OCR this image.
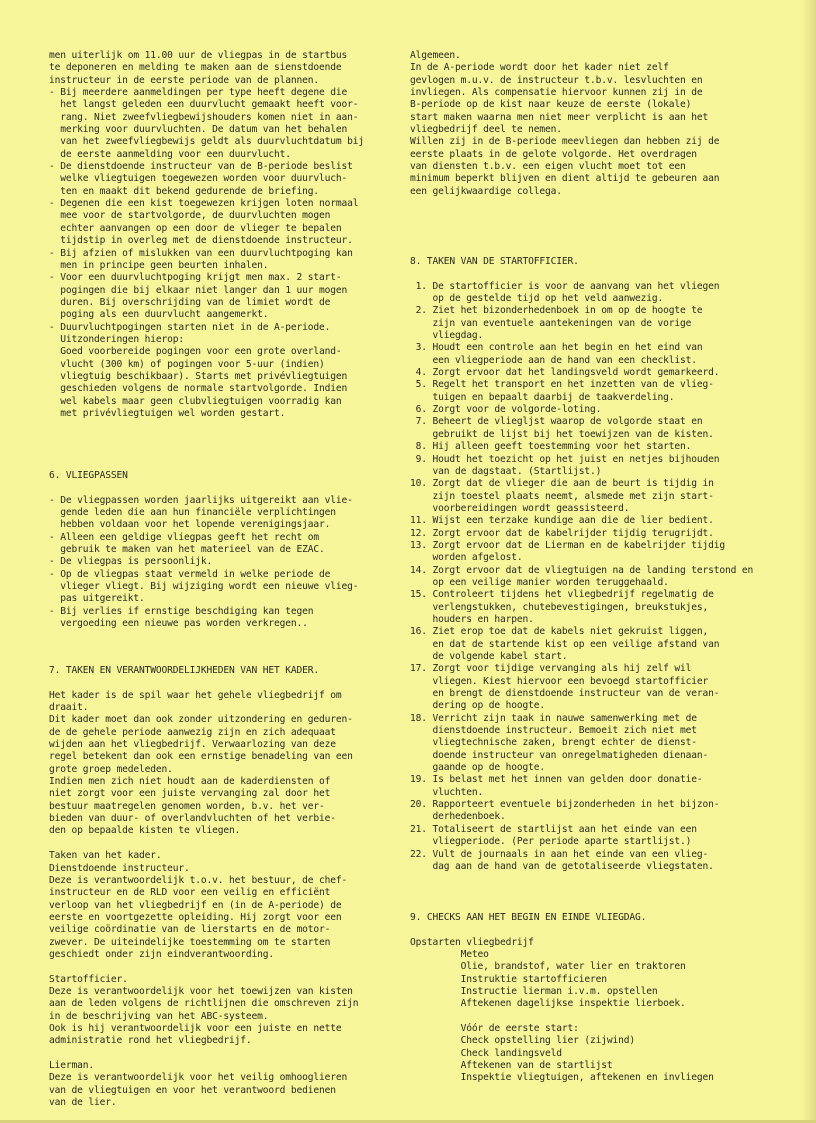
men uiterlijk om 11.00 uur de vliegpas in de startbus
te deponeren en melding te maken aan de sienstdoende
instructeur in de eerste periode van de plannen.
- Bij meerdere aanmeldingen per type heeft degene die
het langst geleden een duurvlucht gemaakt heeft voor-
rang. Niet zweefvliegbewijshouders komen niet in aan-
merking voor duurvluchten. De datum van het behalen
van het zweefvliegbewijs geldt als duurvluchtdatum bij
de eerste aanmelding voor een duurvlucht.
- De dienstdoende instructeur van de B-periode beslist
welke vliegtuigen toegewezen worden voor duurvluch-
ten en maakt dit bekend gedurende de briefing.
- Degenen die een kist toegewezen krijgen loten normaal
mee voor de startvolgorde, de duurvluchten mogen
echter aanvangen op een door de vlieger te bepalen
tijdstip in overleg met de dienstdoende instructeur.
- Bij afzien of mislukken van een duurvluchtpoging kan
men in principe geen beurten inhalen.
- Voor een duurvluchtpoging krijgt men max. 2 start-
pogingen die bij elkaar niet langer dan 1 uur mogen
duren. Bij overschrijding van de limiet wordt de
poging als een duurvlucht aangemerkt.
- Duurvluchtpogingen starten niet in de A-periode.
Uitzonderingen hierop:
Goed voorbereide pogingen voor een grote overland-
vlucht (300 km) of pogingen voor 5-uur (indien)
vliegtuig beschikbaar). Starts met privévliegtuigen
geschieden volgens de normale startvolgorde. Indien
wel kabels maar geen clubvliegtuigen voorradig kan
met privévliegtuigen wel worden gestart.
6. VLIEGPASSEN
- De vliegpassen worden jaarlijks uitgereikt aan vlie-
gende leden die aan hun financiële verplichtingen
hebben voldaan voor het lopende verenigingsjaar.
- Alleen een geldige vliegpas geeft het recht om
gebruik te maken van het materieel van de EZAC.
- De vliegpas is persoonlijk.
- Op de vliegpas staat vermeld in welke periode de
vlieger vliegt. Bij wijziging wordt een nieuwe vlieg-
pas uitgereikt.
- Bij verlies if ernstige beschdiging kan tegen
vergoeding een nieuwe pas worden verkregen..
7. TAKEN EN VERANTWOORDELIJKHEDEN VAN HET KADER.
Het kader is de spil waar het gehele vliegbedrijf om
draait.
Dit kader moet dan ook zonder uitzondering en geduren-
de de gehele periode aanwezig zijn en zich adequaat
wijden aan het vliegbedrijf. Verwaarlozing van deze
regel betekent dan ook een ernstige benadeling van een
grote groep medeleden.
Indien men zich niet houdt aan de kaderdiensten of
niet zorgt voor een juiste vervanging zal door het
bestuur maatregelen genomen worden, b.v. het ver-
bieden van duur- of overlandvluchten of het verbie-
den op bepaalde kisten te vliegen.
Taken van het kader.
Dienstdoende instructeur.
Deze is verantwoordelijk t.o.v. het bestuur, de chef-
instructeur en de RLD voor een veilig en efficiënt
verloop van het vliegbedrijf en (in de A-periode) de
eerste en voortgezette opleiding. Hij zorgt voor een
veilige coördinatie van de lierstarts en de motor-
zwever. De uiteindelijke toestemming om te starten
geschiedt onder zijn eindverantwoording.
Startofficier.
Deze is verantwoordelijk voor het toewijzen van kisten
aan de leden volgens de richtlijnen die omschreven zijn
in de beschrijving van het ABC-systeem.
Ook is hij verantwoordelijk voor een juiste en nette
administratie rond het vliegbedrijf.
Lierman.
Deze is verantwoordelijk voor het veilig omhooglieren
van de vliegtuigen en voor het verantwoord bedienen
van de lier.
Algemeen.
In de A-periode wordt door het kader niet zelf
gevlogen m.u.v. de instructeur t.b.v. lesvluchten en
invliegen. Als compensatie hiervoor kunnen zij in de
B-periode op de kist naar keuze de eerste (lokale)
start maken waarna men niet meer verplicht is aan het
vliegbedrijf deel te nemen.
Willen zij in de B-periode meevliegen dan hebben zij de
eerste plaats in de gelote volgorde. Het overdragen
van diensten t.b.v. een eigen vlucht moet tot een
minimum beperkt blijven en dient altijd te gebeuren aan
een gelijkwaardige collega.
8. TAKEN VAN DE STARTOFFICIER.
1. De startofficier is voor de aanvang van het vliegen
op de gestelde tijd op het veld aanwezig.
2. Ziet het bizonderhedenboek in om op de hoogte te
zijn van eventuele aantekeningen van de vorige
vliegdag.
3. Houdt een controle aan het begin en het eind van
een vliegperiode aan de hand van een checklist.
4. Zorgt ervoor dat het landingsveld wordt gemarkeerd.
5. Regelt het transport en het inzetten van de vlieg-
tuigen en bepaalt daarbij de taakverdeling.
6. Zorgt voor de volgorde-loting.
7. Beheert de vliegljst waarop de volgorde staat en
gebruikt de lijst bij het toewijzen van de kisten.
8. Hij alleen geeft toestemming voor het starten.
9. Houdt het toezicht op het juist en netjes bijhouden
van de dagstaat. (Startlijst.)
10. Zorgt dat de vlieger die aan de beurt is tijdig in
zijn toestel plaats neemt, alsmede met zijn start-
voorbereidingen wordt geassisteerd.
11. Wijst een terzake kundige aan die de lier bedient.
12. Zorgt ervoor dat de kabelrijder tijdig terugrijdt.
13. Zorgt ervoor dat de Lierman en de kabelrijder tijdig
worden afgelost.
14. Zorgt ervoor dat de vliegtuigen na de landing terstond en
op een veilige manier worden teruggehaald.
15. Controleert tijdens het vliegbedrijf regelmatig de
verlengstukken, chutebevestigingen, breukstukjes,
houders en harpen.
16. Ziet erop toe dat de kabels niet gekruist liggen,
en dat de startende kist op een veilige afstand van
de volgende kabel start.
17. Zorgt voor tijdige vervanging als hij zelf wil
vliegen. Kiest hiervoor een bevoegd startofficier
en brengt de dienstdoende instructeur van de veran-
dering op de hoogte.
18. Verricht zijn taak in nauwe samenwerking met de
dienstdoende instructeur. Bemoeit zich niet met
vliegtechnische zaken, brengt echter de dienst-
doende instructeur van onregelmatigheden dienaan-
gaande op de hoogte.
19. Is belast met het innen van gelden door donatie-
vluchten.
20. Rapporteert eventuele bijzonderheden in het bijzon-
derhedenboek.
21. Totaliseert de startlijst aan het einde van een
vliegperiode. (Per periode aparte startlijst.)
22. Vult de journaals in aan het einde van een vlieg-
dag aan de hand van de getotaliseerde vliegstaten.
9. CHECKS AAN HET BEGIN EN EINDE VLIEGDAG.
Opstarten vliegbedrijf
Meteo
Olie, brandstof, water lier en traktoren
Instruktie startofficieren
Instructie lierman i.v.m. opstellen
Aftekenen dagelijkse inspektie lierboek.
Vóór de eerste start:
Check opstelling lier (zijwind)
Check landingsveld
Aftekenen van de startlijst
Inspektie vliegtuigen, aftekenen en invliegen
